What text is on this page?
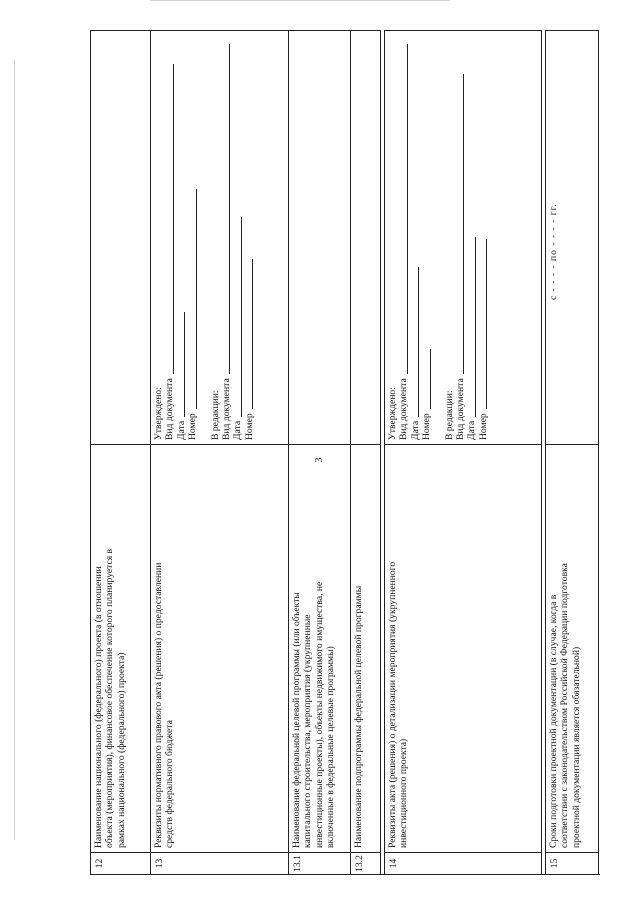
3
12
Наименование национального (федерального) проекта (в отношении объекта (мероприятия), финансовое обеспечение которого планируется в рамках национального (федерального) проекта)
13
Реквизиты нормативного правового акта (решения) о предоставлении средств федерального бюджета
Утверждено: Вид документа Дата Номер В редакции: Вид документа Дата Номер
13.1
Наименование федеральной целевой программы (или объекты капитального строительства, мероприятия (укрупненные инвестиционные проекты), объекты недвижимого имущества, не включенные в федеральные целевые программы)
13.2
Наименование подпрограммы федеральной целевой программы
14
Реквизиты акта (решения) о детализации мероприятия (укрупненного инвестиционного проекта)
Утверждено: Вид документа Дата Номер В редакции: Вид документа Дата Номер
15
Сроки подготовки проектной документации (в случае, когда в соответствии с законодательством Российской Федерации подготовка проектной документации является обязательной)
с - - - - по - - - - гг.
